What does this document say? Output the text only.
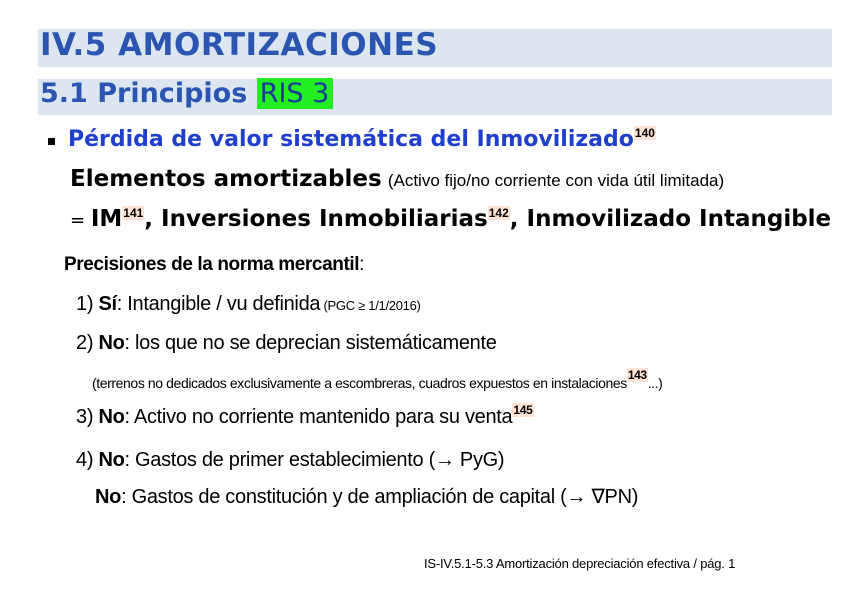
IV.5 AMORTIZACIONES
5.1 Principios RIS 3
Pérdida de valor sistemática del Inmovilizado$^{140}$
Elementos amortizables (Activo fijo/no corriente con vida útil limitada)
= $IM^{141}$, Inversiones Inmobiliarias$^{142}$, Inmovilizado Intangible
Precisiones de la norma mercantil:
1) Sí: Intangible / vu definida (PGC ≥ 1/1/2016)
2) No: los que no se deprecian sistemáticamente
(terrenos no dedicados exclusivamente a escombreras, cuadros expuestos en instalaciones143...)
3) No: Activo no corriente mantenido para su venta$^{145}$
4) No: Gastos de primer establecimiento (→ PyG)
No: Gastos de constitución y de ampliación de capital (→ ∇PN)
IS-IV.5.1-5.3 Amortización depreciación efectiva / pág. 1
